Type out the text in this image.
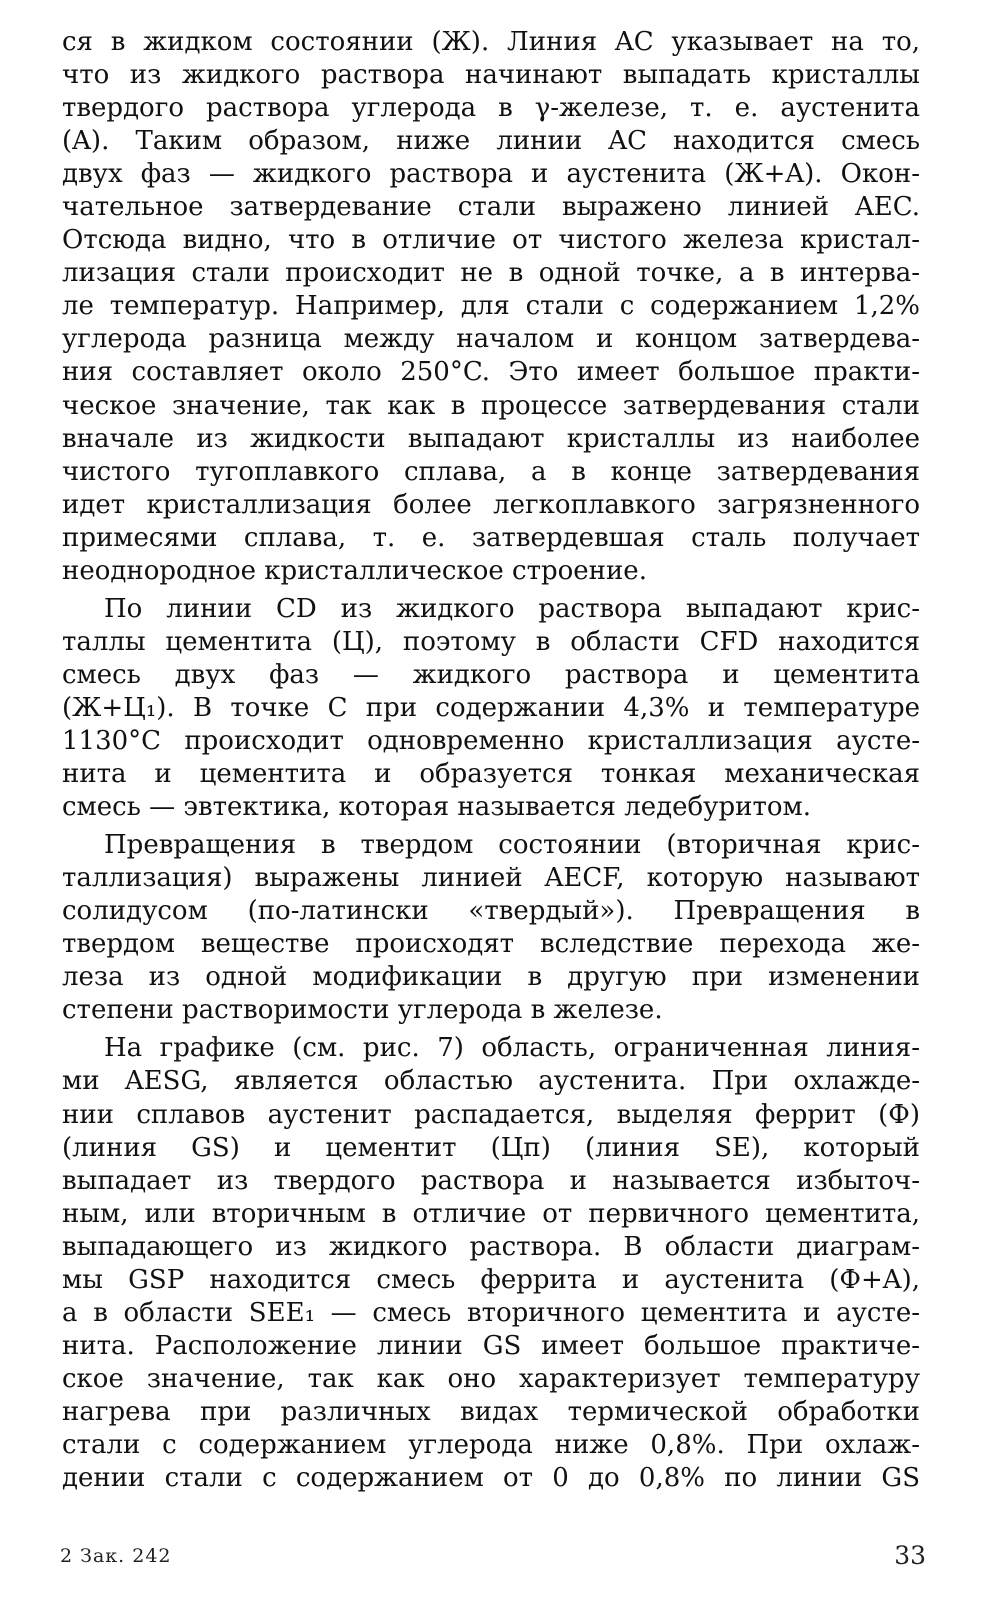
ся в жидком состоянии (Ж). Линия AC указывает на то,
что из жидкого раствора начинают выпадать кристаллы
твердого раствора углерода в γ-железе, т. е. аустенита
(A). Таким образом, ниже линии AC находится смесь
двух фаз — жидкого раствора и аустенита (Ж+A). Окон-
чательное затвердевание стали выражено линией AEC.
Отсюда видно, что в отличие от чистого железа кристал-
лизация стали происходит не в одной точке, а в интерва-
ле температур. Например, для стали с содержанием 1,2%
углерода разница между началом и концом затвердева-
ния составляет около 250°C. Это имеет большое практи-
ческое значение, так как в процессе затвердевания стали
вначале из жидкости выпадают кристаллы из наиболее
чистого тугоплавкого сплава, а в конце затвердевания
идет кристаллизация более легкоплавкого загрязненного
примесями сплава, т. е. затвердевшая сталь получает
неоднородное кристаллическое строение.
По линии CD из жидкого раствора выпадают крис-
таллы цементита (Ц), поэтому в области CFD находится
смесь двух фаз — жидкого раствора и цементита
(Ж+Ц₁). В точке C при содержании 4,3% и температуре
1130°C происходит одновременно кристаллизация аусте-
нита и цементита и образуется тонкая механическая
смесь — эвтектика, которая называется ледебуритом.
Превращения в твердом состоянии (вторичная крис-
таллизация) выражены линией AECF, которую называют
солидусом (по-латински «твердый»). Превращения в
твердом веществе происходят вследствие перехода же-
леза из одной модификации в другую при изменении
степени растворимости углерода в железе.
На графике (см. рис. 7) область, ограниченная линия-
ми AESG, является областью аустенита. При охлажде-
нии сплавов аустенит распадается, выделяя феррит (Ф)
(линия GS) и цементит (Цп) (линия SE), который
выпадает из твердого раствора и называется избыточ-
ным, или вторичным в отличие от первичного цементита,
выпадающего из жидкого раствора. В области диаграм-
мы GSP находится смесь феррита и аустенита (Ф+A),
а в области SEE₁ — смесь вторичного цементита и аусте-
нита. Расположение линии GS имеет большое практиче-
ское значение, так как оно характеризует температуру
нагрева при различных видах термической обработки
стали с содержанием углерода ниже 0,8%. При охлаж-
дении стали с содержанием от 0 до 0,8% по линии GS
2 Зак. 242	33
